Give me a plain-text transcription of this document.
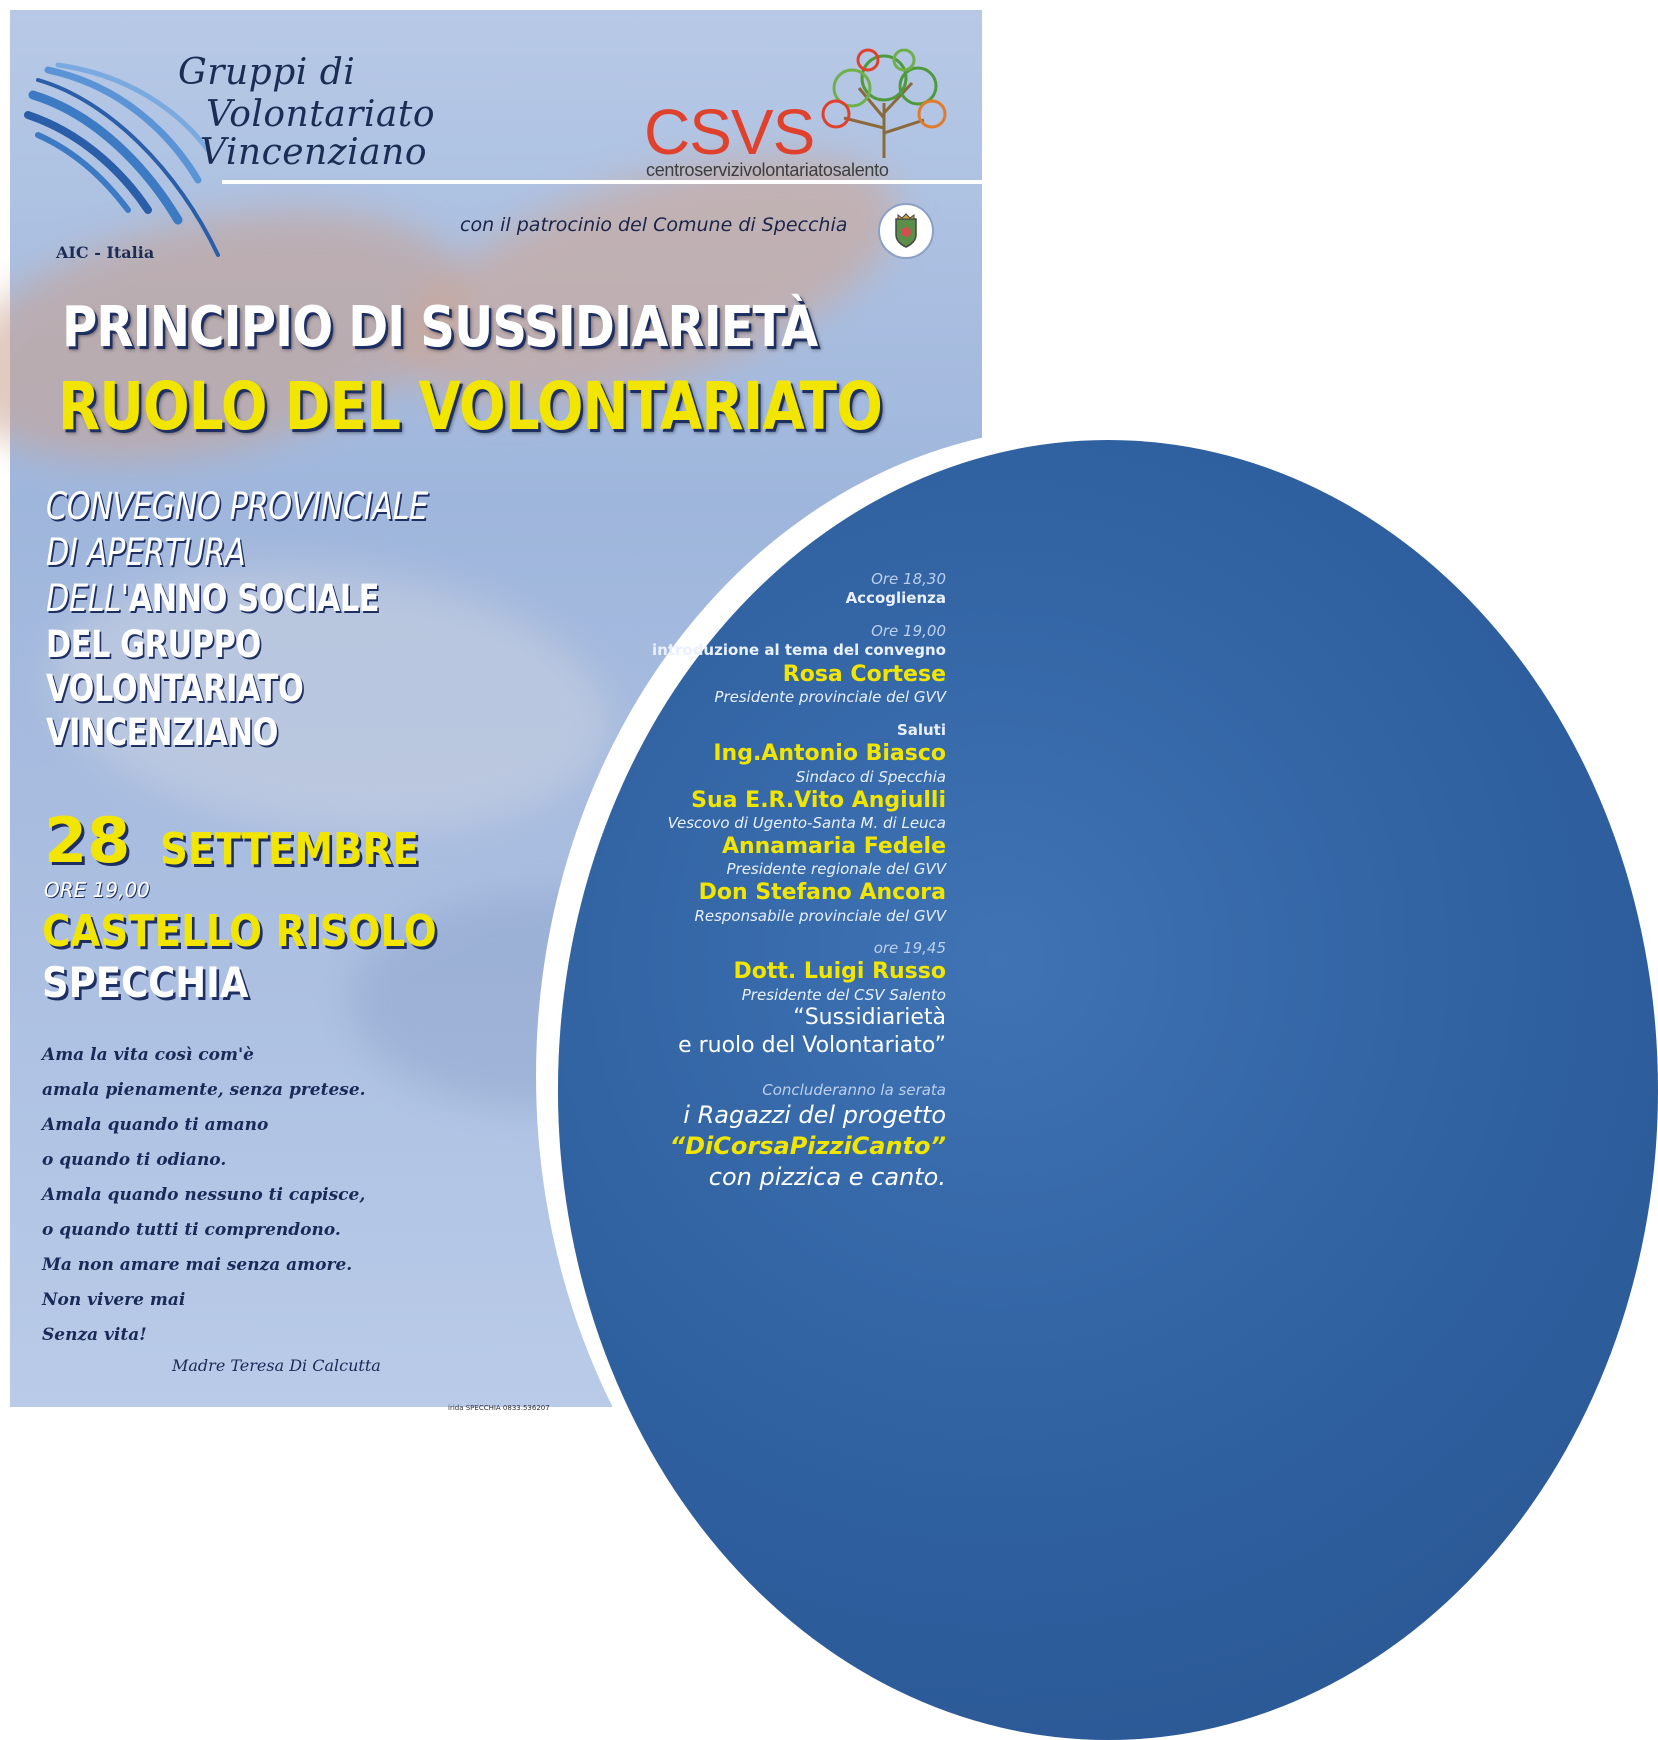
Gruppi di
Volontariato
Vincenziano
AIC - Italia
CSVS
centroservizivolontariatosalento
con il patrocinio del Comune di Specchia
PRINCIPIO DI SUSSIDIARIETÀ
RUOLO DEL VOLONTARIATO
CONVEGNO PROVINCIALE
DI APERTURA
DELL'ANNO SOCIALE
DEL GRUPPO
VOLONTARIATO
VINCENZIANO
28 SETTEMBRE
ORE 19,00
CASTELLO RISOLO
SPECCHIA
Ama la vita così com'è
amala pienamente, senza pretese.
Amala quando ti amano
o quando ti odiano.
Amala quando nessuno ti capisce,
o quando tutti ti comprendono.
Ma non amare mai senza amore.
Non vivere mai
Senza vita!
Madre Teresa Di Calcutta
Ore 18,30
Accoglienza
Ore 19,00
introduzione al tema del convegno
Rosa Cortese
Presidente provinciale del GVV
Saluti
Ing.Antonio Biasco
Sindaco di Specchia
Sua E.R.Vito Angiulli
Vescovo di Ugento-Santa M. di Leuca
Annamaria Fedele
Presidente regionale del GVV
Don Stefano Ancora
Responsabile provinciale del GVV
ore 19,45
Dott. Luigi Russo
Presidente del CSV Salento
“Sussidiarietà
e ruolo del Volontariato”
Concluderanno la serata
i Ragazzi del progetto
“DiCorsaPizziCanto”
con pizzica e canto.
irida SPECCHIA 0833.536207
